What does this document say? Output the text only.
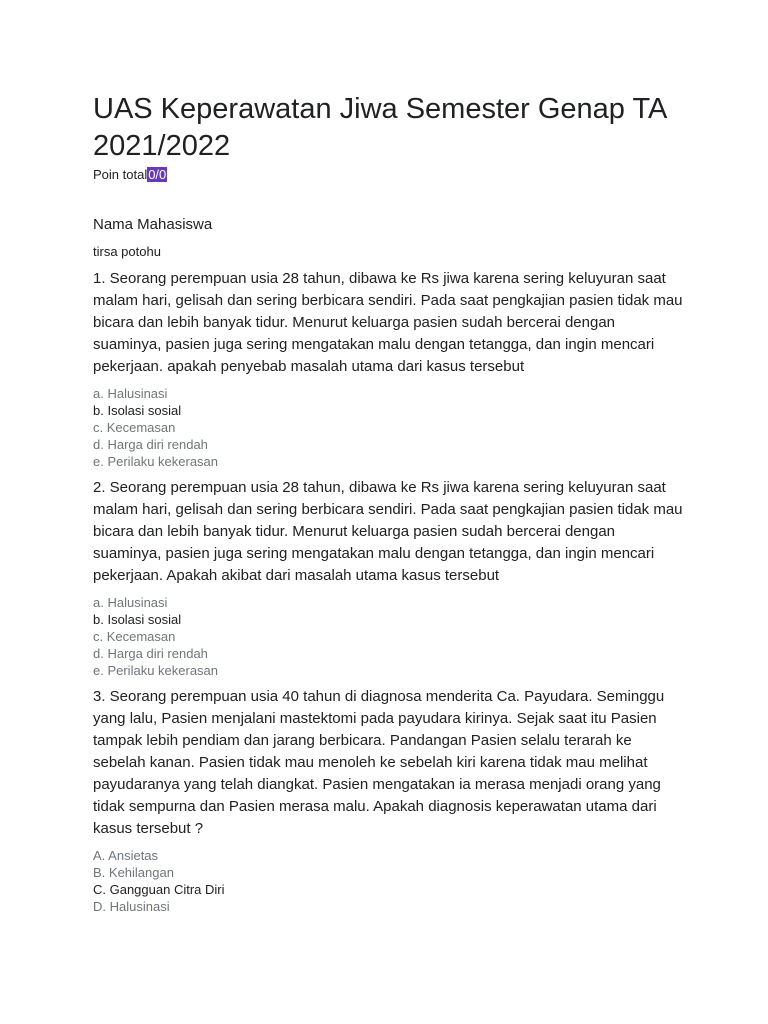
UAS Keperawatan Jiwa Semester Genap TA 2021/2022
Poin total0/0
Nama Mahasiswa
tirsa potohu

1. Seorang perempuan usia 28 tahun, dibawa ke Rs jiwa karena sering keluyuran saat malam hari, gelisah dan sering berbicara sendiri. Pada saat pengkajian pasien tidak mau bicara dan lebih banyak tidur. Menurut keluarga pasien sudah bercerai dengan suaminya, pasien juga sering mengatakan malu dengan tetangga, dan ingin mencari pekerjaan. apakah penyebab masalah utama dari kasus tersebut

a. Halusinasi
b. Isolasi sosial
c. Kecemasan
d. Harga diri rendah
e. Perilaku kekerasan

2. Seorang perempuan usia 28 tahun, dibawa ke Rs jiwa karena sering keluyuran saat malam hari, gelisah dan sering berbicara sendiri. Pada saat pengkajian pasien tidak mau bicara dan lebih banyak tidur. Menurut keluarga pasien sudah bercerai dengan suaminya, pasien juga sering mengatakan malu dengan tetangga, dan ingin mencari pekerjaan. Apakah akibat dari masalah utama kasus tersebut

a. Halusinasi
b. Isolasi sosial
c. Kecemasan
d. Harga diri rendah
e. Perilaku kekerasan

3. Seorang perempuan usia 40 tahun di diagnosa menderita Ca. Payudara. Seminggu yang lalu, Pasien menjalani mastektomi pada payudara kirinya. Sejak saat itu Pasien tampak lebih pendiam dan jarang berbicara. Pandangan Pasien selalu terarah ke sebelah kanan. Pasien tidak mau menoleh ke sebelah kiri karena tidak mau melihat payudaranya yang telah diangkat. Pasien mengatakan ia merasa menjadi orang yang tidak sempurna dan Pasien merasa malu. Apakah diagnosis keperawatan utama dari kasus tersebut ?

A. Ansietas
B. Kehilangan
C. Gangguan Citra Diri
D. Halusinasi
